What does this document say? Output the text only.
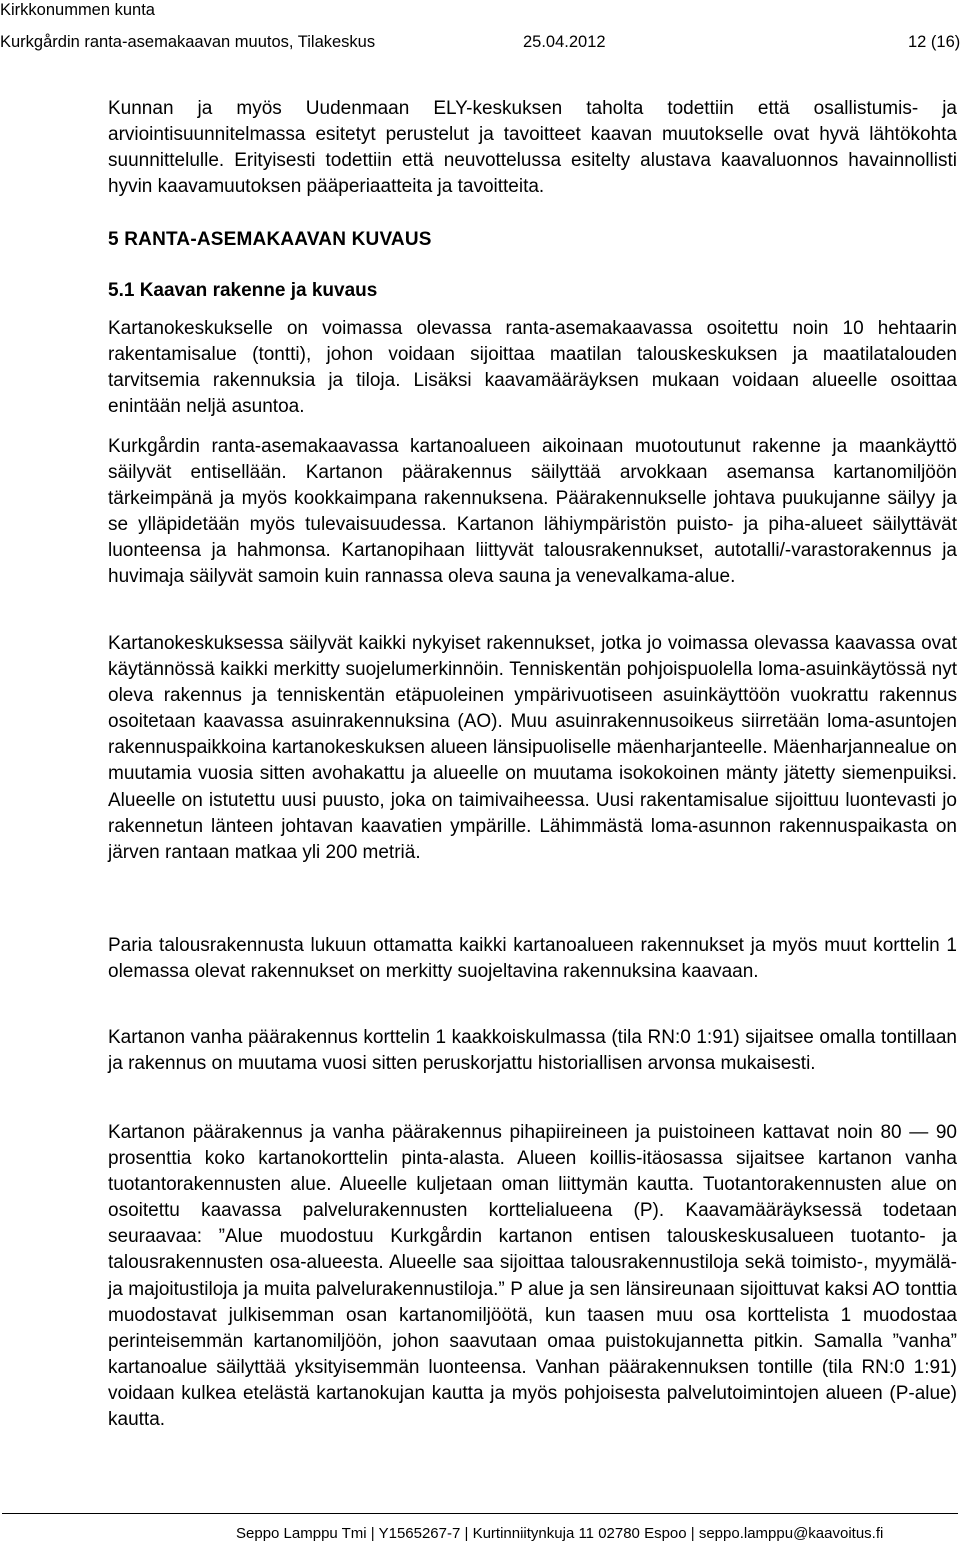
Kirkkonummen kunta
Kurkgårdin ranta-asemakaavan muutos, Tilakeskus	25.04.2012	12 (16)

Kunnan ja myös Uudenmaan ELY-keskuksen taholta todettiin että osallistumis- ja arviointisuunnitelmassa esitetyt perustelut ja tavoitteet kaavan muutokselle ovat hyvä lähtökohta suunnittelulle. Erityisesti todettiin että neuvottelussa esitelty alustava kaavaluonnos havainnollisti hyvin kaavamuutoksen pääperiaatteita ja tavoitteita.

5 RANTA-ASEMAKAAVAN KUVAUS
5.1 Kaavan rakenne ja kuvaus

Kartanokeskukselle on voimassa olevassa ranta-asemakaavassa osoitettu noin 10 hehtaarin rakentamisalue (tontti), johon voidaan sijoittaa maatilan talouskeskuksen ja maatilatalouden tarvitsemia rakennuksia ja tiloja. Lisäksi kaavamääräyksen mukaan voidaan alueelle osoittaa enintään neljä asuntoa.

Kurkgårdin ranta-asemakaavassa kartanoalueen aikoinaan muotoutunut rakenne ja maankäyttö säilyvät entisellään. Kartanon päärakennus säilyttää arvokkaan asemansa kartanomiljöön tärkeimpänä ja myös kookkaimpana rakennuksena. Päärakennukselle johtava puukujanne säilyy ja se ylläpidetään myös tulevaisuudessa. Kartanon lähiympäristön puisto- ja piha-alueet säilyttävät luonteensa ja hahmonsa. Kartanopihaan liittyvät talousrakennukset, autotalli/-varastorakennus ja huvimaja säilyvät samoin kuin rannassa oleva sauna ja venevalkama-alue.

Kartanokeskuksessa säilyvät kaikki nykyiset rakennukset, jotka jo voimassa olevassa kaavassa ovat käytännössä kaikki merkitty suojelumerkinnöin. Tenniskentän pohjoispuolella loma-asuinkäytössä nyt oleva rakennus ja tenniskentän etäpuoleinen ympärivuotiseen asuinkäyttöön vuokrattu rakennus osoitetaan kaavassa asuinrakennuksina (AO). Muu asuinrakennusoikeus siirretään loma-asuntojen rakennuspaikkoina kartanokeskuksen alueen länsipuoliselle mäenharjanteelle. Mäenharjannealue on muutamia vuosia sitten avohakattu ja alueelle on muutama isokokoinen mänty jätetty siemenpuiksi. Alueelle on istutettu uusi puusto, joka on taimivaiheessa. Uusi rakentamisalue sijoittuu luontevasti jo rakennetun länteen johtavan kaavatien ympärille. Lähimmästä loma-asunnon rakennuspaikasta on järven rantaan matkaa yli 200 metriä.

Paria talousrakennusta lukuun ottamatta kaikki kartanoalueen rakennukset ja myös muut korttelin 1 olemassa olevat rakennukset on merkitty suojeltavina rakennuksina kaavaan.

Kartanon vanha päärakennus korttelin 1 kaakkoiskulmassa (tila RN:0 1:91) sijaitsee omalla tontillaan ja rakennus on muutama vuosi sitten peruskorjattu historiallisen arvonsa mukaisesti.

Kartanon päärakennus ja vanha päärakennus pihapiireineen ja puistoineen kattavat noin 80 — 90 prosenttia koko kartanokorttelin pinta-alasta. Alueen koillis-itäosassa sijaitsee kartanon vanha tuotantorakennusten alue. Alueelle kuljetaan oman liittymän kautta. Tuotantorakennusten alue on osoitettu kaavassa palvelurakennusten korttelialueena (P). Kaavamääräyksessä todetaan seuraavaa: ”Alue muodostuu Kurkgårdin kartanon entisen talouskeskusalueen tuotanto- ja talousrakennusten osa-alueesta. Alueelle saa sijoittaa talousrakennustiloja sekä toimisto-, myymälä- ja majoitustiloja ja muita palvelurakennustiloja.” P alue ja sen länsireunaan sijoittuvat kaksi AO tonttia muodostavat julkisemman osan kartanomiljöötä, kun taasen muu osa korttelista 1 muodostaa perinteisemmän kartanomiljöön, johon saavutaan omaa puistokujannetta pitkin. Samalla ”vanha” kartanoalue säilyttää yksityisemmän luonteensa. Vanhan päärakennuksen tontille (tila RN:0 1:91) voidaan kulkea etelästä kartanokujan kautta ja myös pohjoisesta palvelutoimintojen alueen (P-alue) kautta.

Seppo Lamppu Tmi | Y1565267-7 | Kurtinniitynkuja 11 02780 Espoo | seppo.lamppu@kaavoitus.fi
